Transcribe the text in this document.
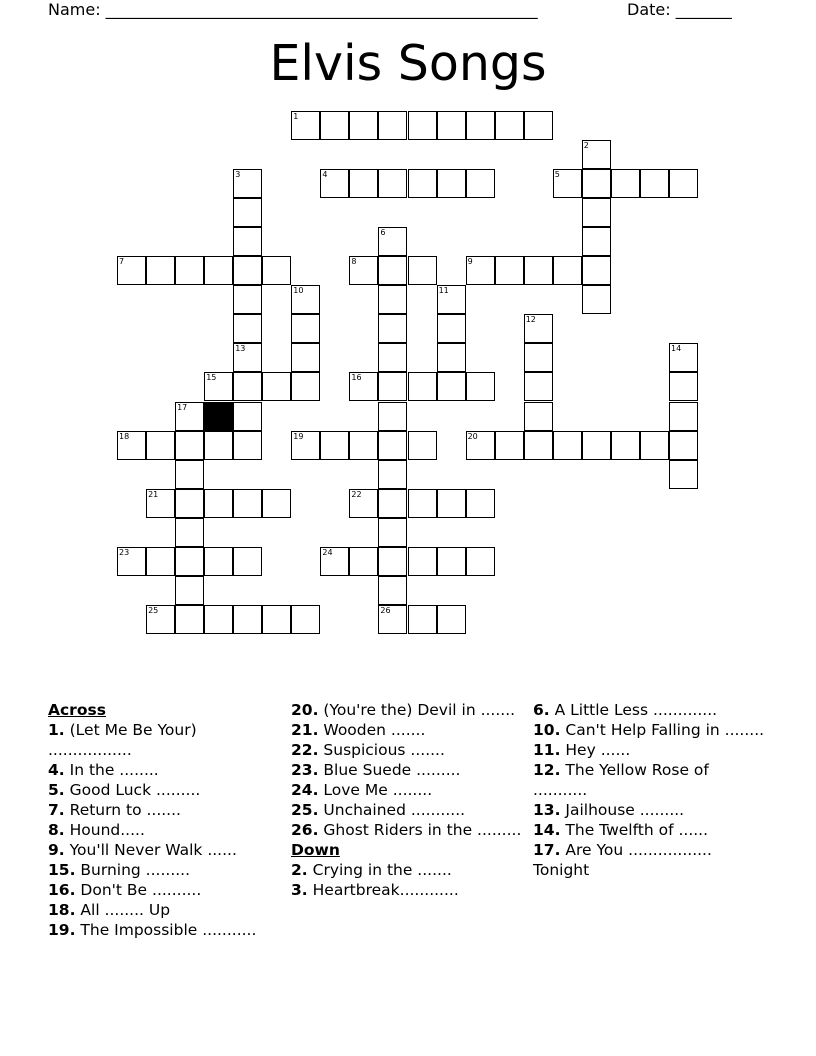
Name: ______________________________________________________	Date: _______
Elvis Songs
1
2
3	4	5
6
26
7	8	9
10	11
12
13	14
15	16
17
18	19	20
21	22
23	24
25
Across
1. (Let Me Be Your) .................
4. In the ........
5. Good Luck .........
7. Return to .......
8. Hound.....
9. You'll Never Walk ......
15. Burning .........
16. Don't Be ..........
18. All ........ Up
19. The Impossible ...........
20. (You're the) Devil in .......
21. Wooden .......
22. Suspicious .......
23. Blue Suede .........
24. Love Me ........
25. Unchained ...........
26. Ghost Riders in the .........
Down
2. Crying in the .......
3. Heartbreak............
6. A Little Less .............
10. Can't Help Falling in ........
11. Hey ......
12. The Yellow Rose of ...........
13. Jailhouse .........
14. The Twelfth of ......
17. Are You ................. Tonight
